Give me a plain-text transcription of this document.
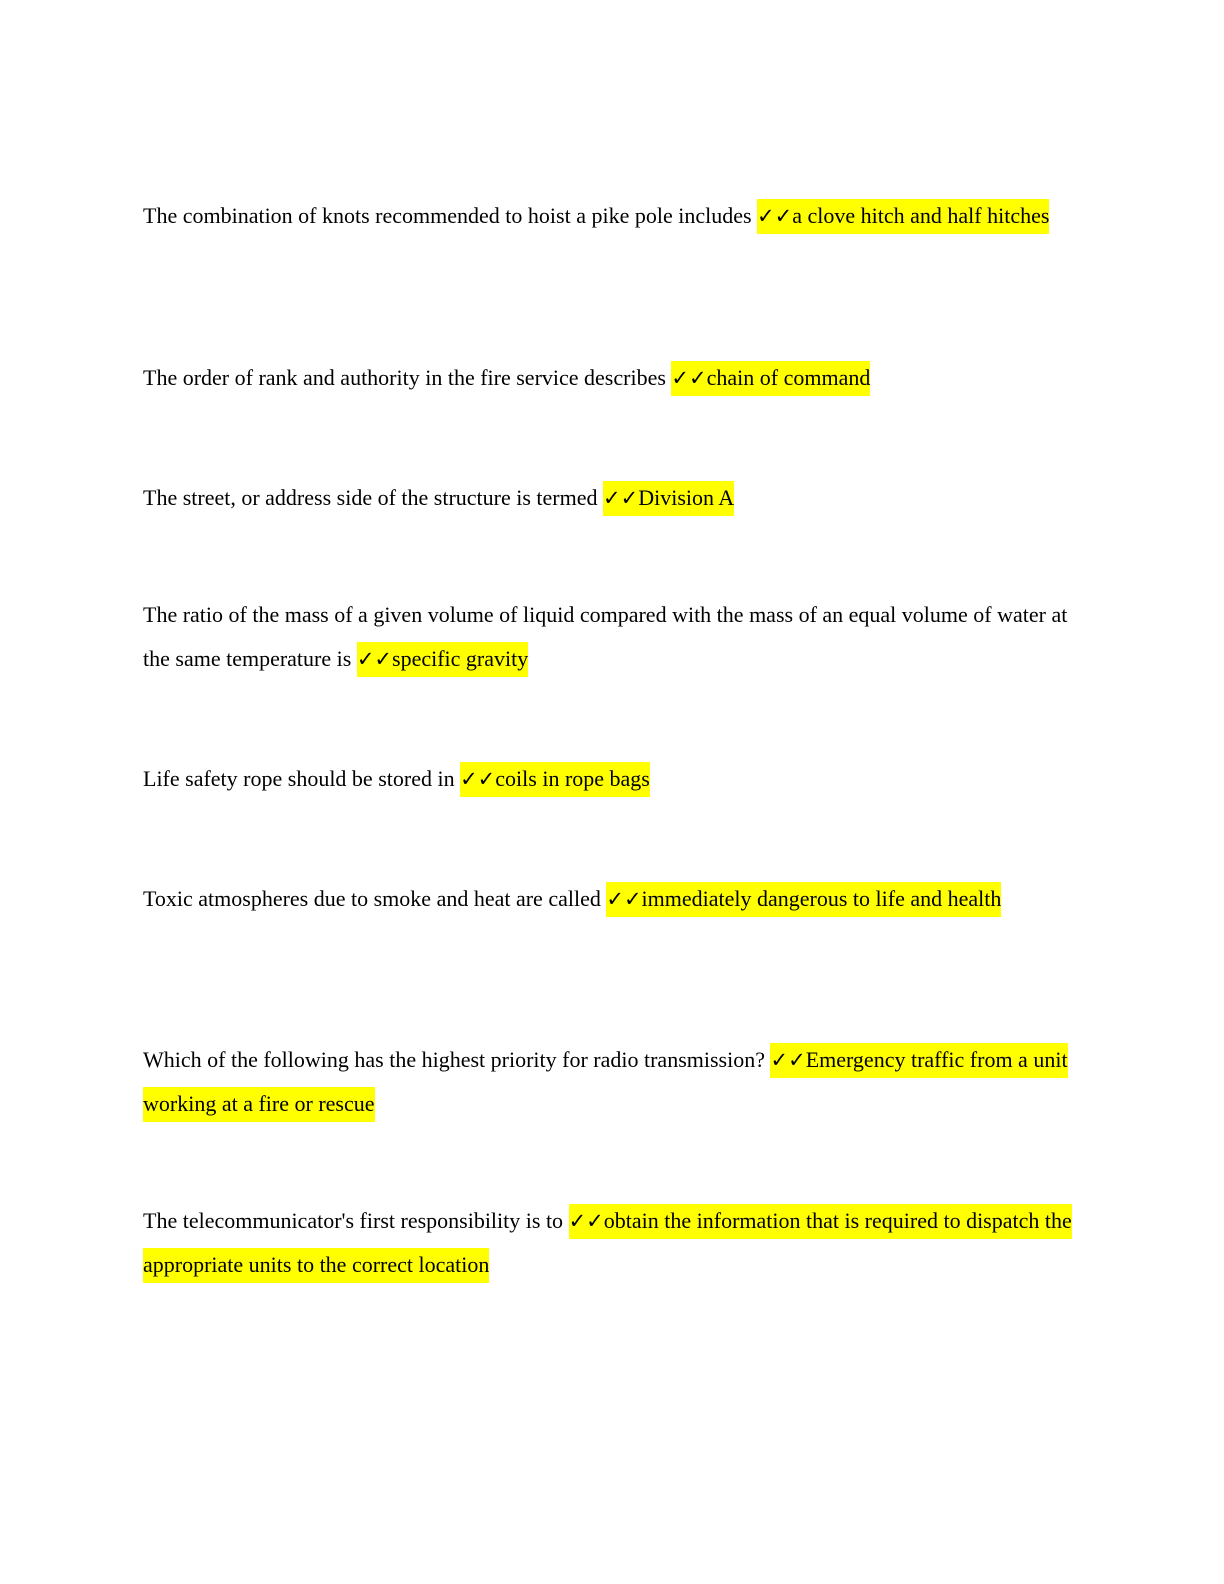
The combination of knots recommended to hoist a pike pole includes ✓✓a clove hitch and half hitches

The order of rank and authority in the fire service describes ✓✓chain of command

The street, or address side of the structure is termed ✓✓Division A

The ratio of the mass of a given volume of liquid compared with the mass of an equal volume of water at the same temperature is ✓✓specific gravity

Life safety rope should be stored in ✓✓coils in rope bags

Toxic atmospheres due to smoke and heat are called ✓✓immediately dangerous to life and health

Which of the following has the highest priority for radio transmission? ✓✓Emergency traffic from a unit working at a fire or rescue

The telecommunicator's first responsibility is to ✓✓obtain the information that is required to dispatch the appropriate units to the correct location
